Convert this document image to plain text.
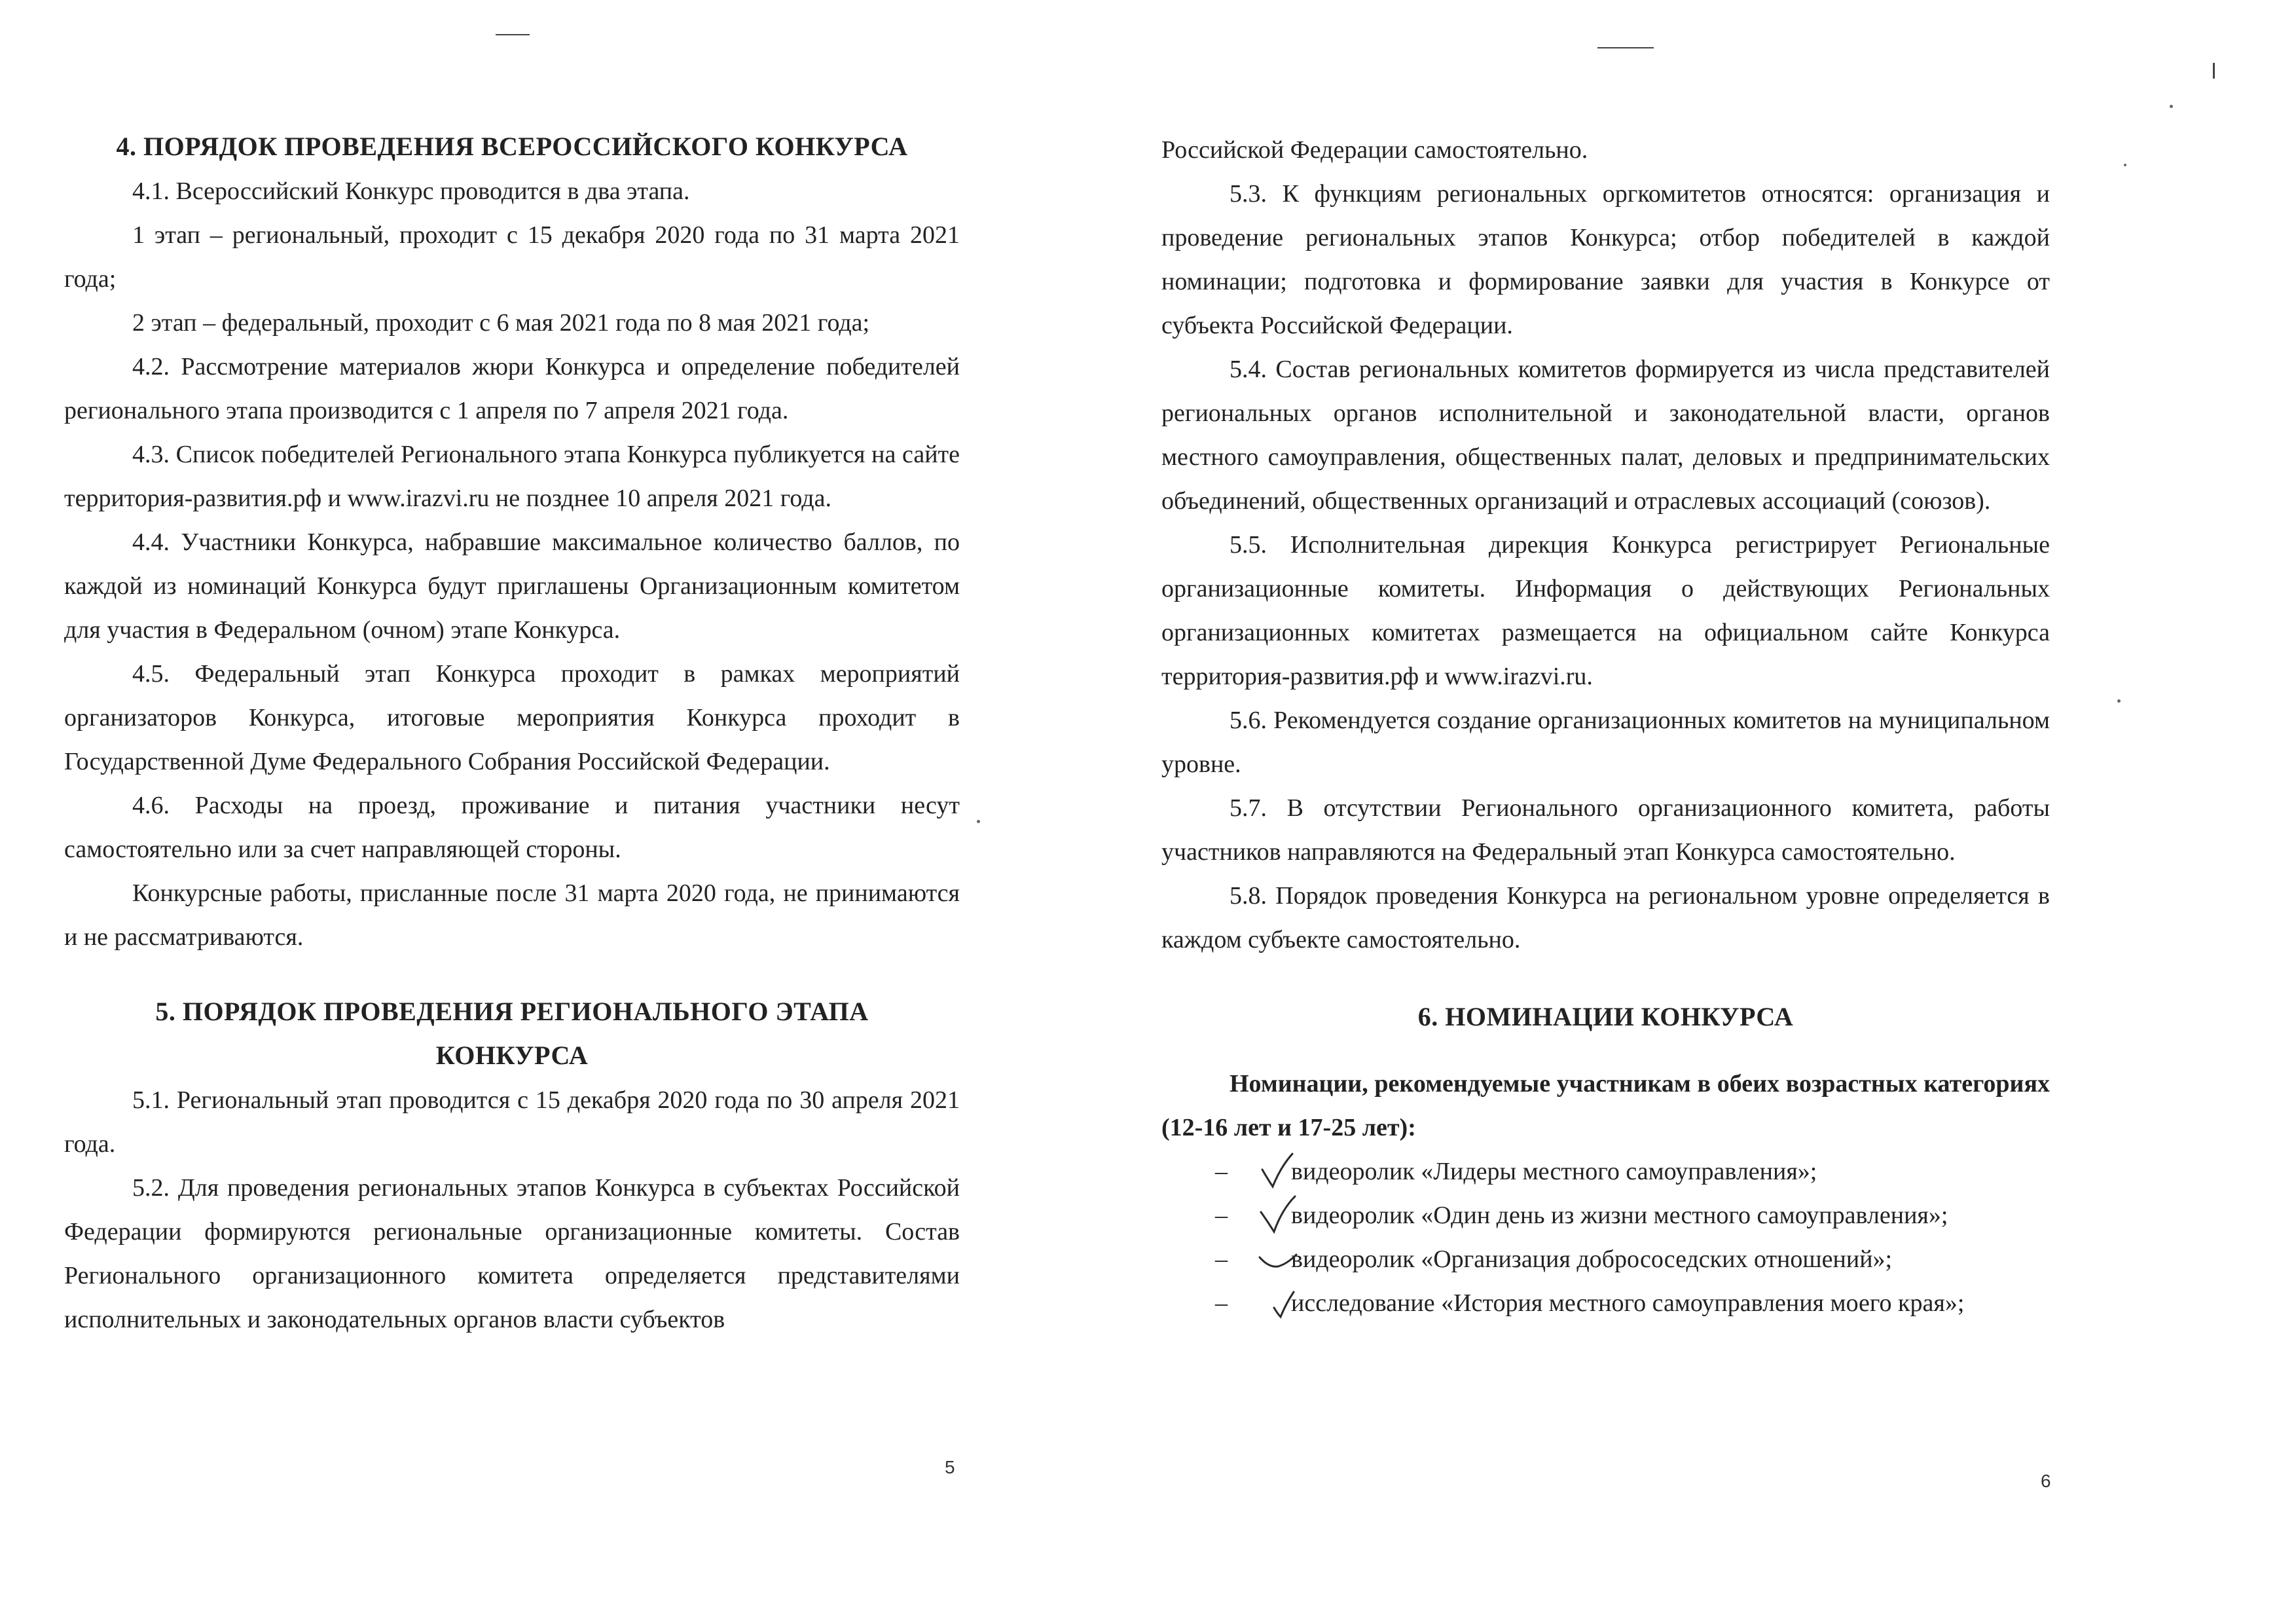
4. ПОРЯДОК ПРОВЕДЕНИЯ ВСЕРОССИЙСКОГО КОНКУРСА

4.1. Всероссийский Конкурс проводится в два этапа.

1 этап – региональный, проходит с 15 декабря 2020 года по 31 марта 2021 года;

2 этап – федеральный, проходит с 6 мая 2021 года по 8 мая 2021 года;

4.2. Рассмотрение материалов жюри Конкурса и определение победителей регионального этапа производится с 1 апреля по 7 апреля 2021 года.

4.3. Список победителей Регионального этапа Конкурса публикуется на сайте территория-развития.рф и www.irazvi.ru не позднее 10 апреля 2021 года.

4.4. Участники Конкурса, набравшие максимальное количество баллов, по каждой из номинаций Конкурса будут приглашены Организационным комитетом для участия в Федеральном (очном) этапе Конкурса.

4.5. Федеральный этап Конкурса проходит в рамках мероприятий организаторов Конкурса, итоговые мероприятия Конкурса проходит в Государственной Думе Федерального Собрания Российской Федерации.

4.6. Расходы на проезд, проживание и питания участники несут самостоятельно или за счет направляющей стороны.

Конкурсные работы, присланные после 31 марта 2020 года, не принимаются и не рассматриваются.

5. ПОРЯДОК ПРОВЕДЕНИЯ РЕГИОНАЛЬНОГО ЭТАПА
КОНКУРСА

5.1. Региональный этап проводится с 15 декабря 2020 года по 30 апреля 2021 года.

5.2. Для проведения региональных этапов Конкурса в субъектах Российской Федерации формируются региональные организационные комитеты. Состав Регионального организационного комитета определяется представителями исполнительных и законодательных органов власти субъектов

5

Российской Федерации самостоятельно.

5.3. К функциям региональных оргкомитетов относятся: организация и проведение региональных этапов Конкурса; отбор победителей в каждой номинации; подготовка и формирование заявки для участия в Конкурсе от субъекта Российской Федерации.

5.4. Состав региональных комитетов формируется из числа представителей региональных органов исполнительной и законодательной власти, органов местного самоуправления, общественных палат, деловых и предпринимательских объединений, общественных организаций и отраслевых ассоциаций (союзов).

5.5. Исполнительная дирекция Конкурса регистрирует Региональные организационные комитеты. Информация о действующих Региональных организационных комитетах размещается на официальном сайте Конкурса территория-развития.рф и www.irazvi.ru.

5.6. Рекомендуется создание организационных комитетов на муниципальном уровне.

5.7. В отсутствии Регионального организационного комитета, работы участников направляются на Федеральный этап Конкурса самостоятельно.

5.8. Порядок проведения Конкурса на региональном уровне определяется в каждом субъекте самостоятельно.

6. НОМИНАЦИИ КОНКУРСА

Номинации, рекомендуемые участникам в обеих возрастных категориях (12-16 лет и 17-25 лет):

–	видеоролик «Лидеры местного самоуправления»;
–	видеоролик «Один день из жизни местного самоуправления»;
–	видеоролик «Организация добрососедских отношений»;
–	исследование «История местного самоуправления моего края»;
6
